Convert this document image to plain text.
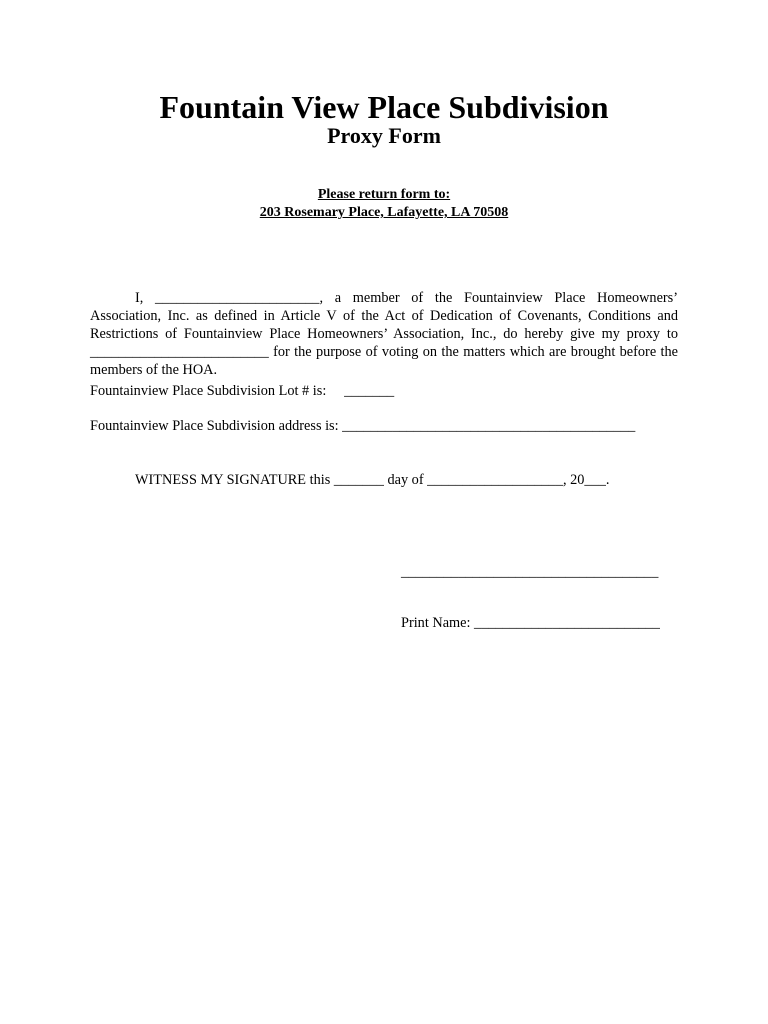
Fountain View Place Subdivision
Proxy Form
Please return form to:
203 Rosemary Place, Lafayette, LA 70508

I, _______________________, a member of the Fountainview Place Homeowners’ Association, Inc. as defined in Article V of the Act of Dedication of Covenants, Conditions and Restrictions of Fountainview Place Homeowners’ Association, Inc., do hereby give my proxy to _________________________ for the purpose of voting on the matters which are brought before the members of the HOA.

Fountainview Place Subdivision Lot # is:     _______
Fountainview Place Subdivision address is: _________________________________________
WITNESS MY SIGNATURE this _______ day of ___________________, 20___.
____________________________________
Print Name: __________________________
